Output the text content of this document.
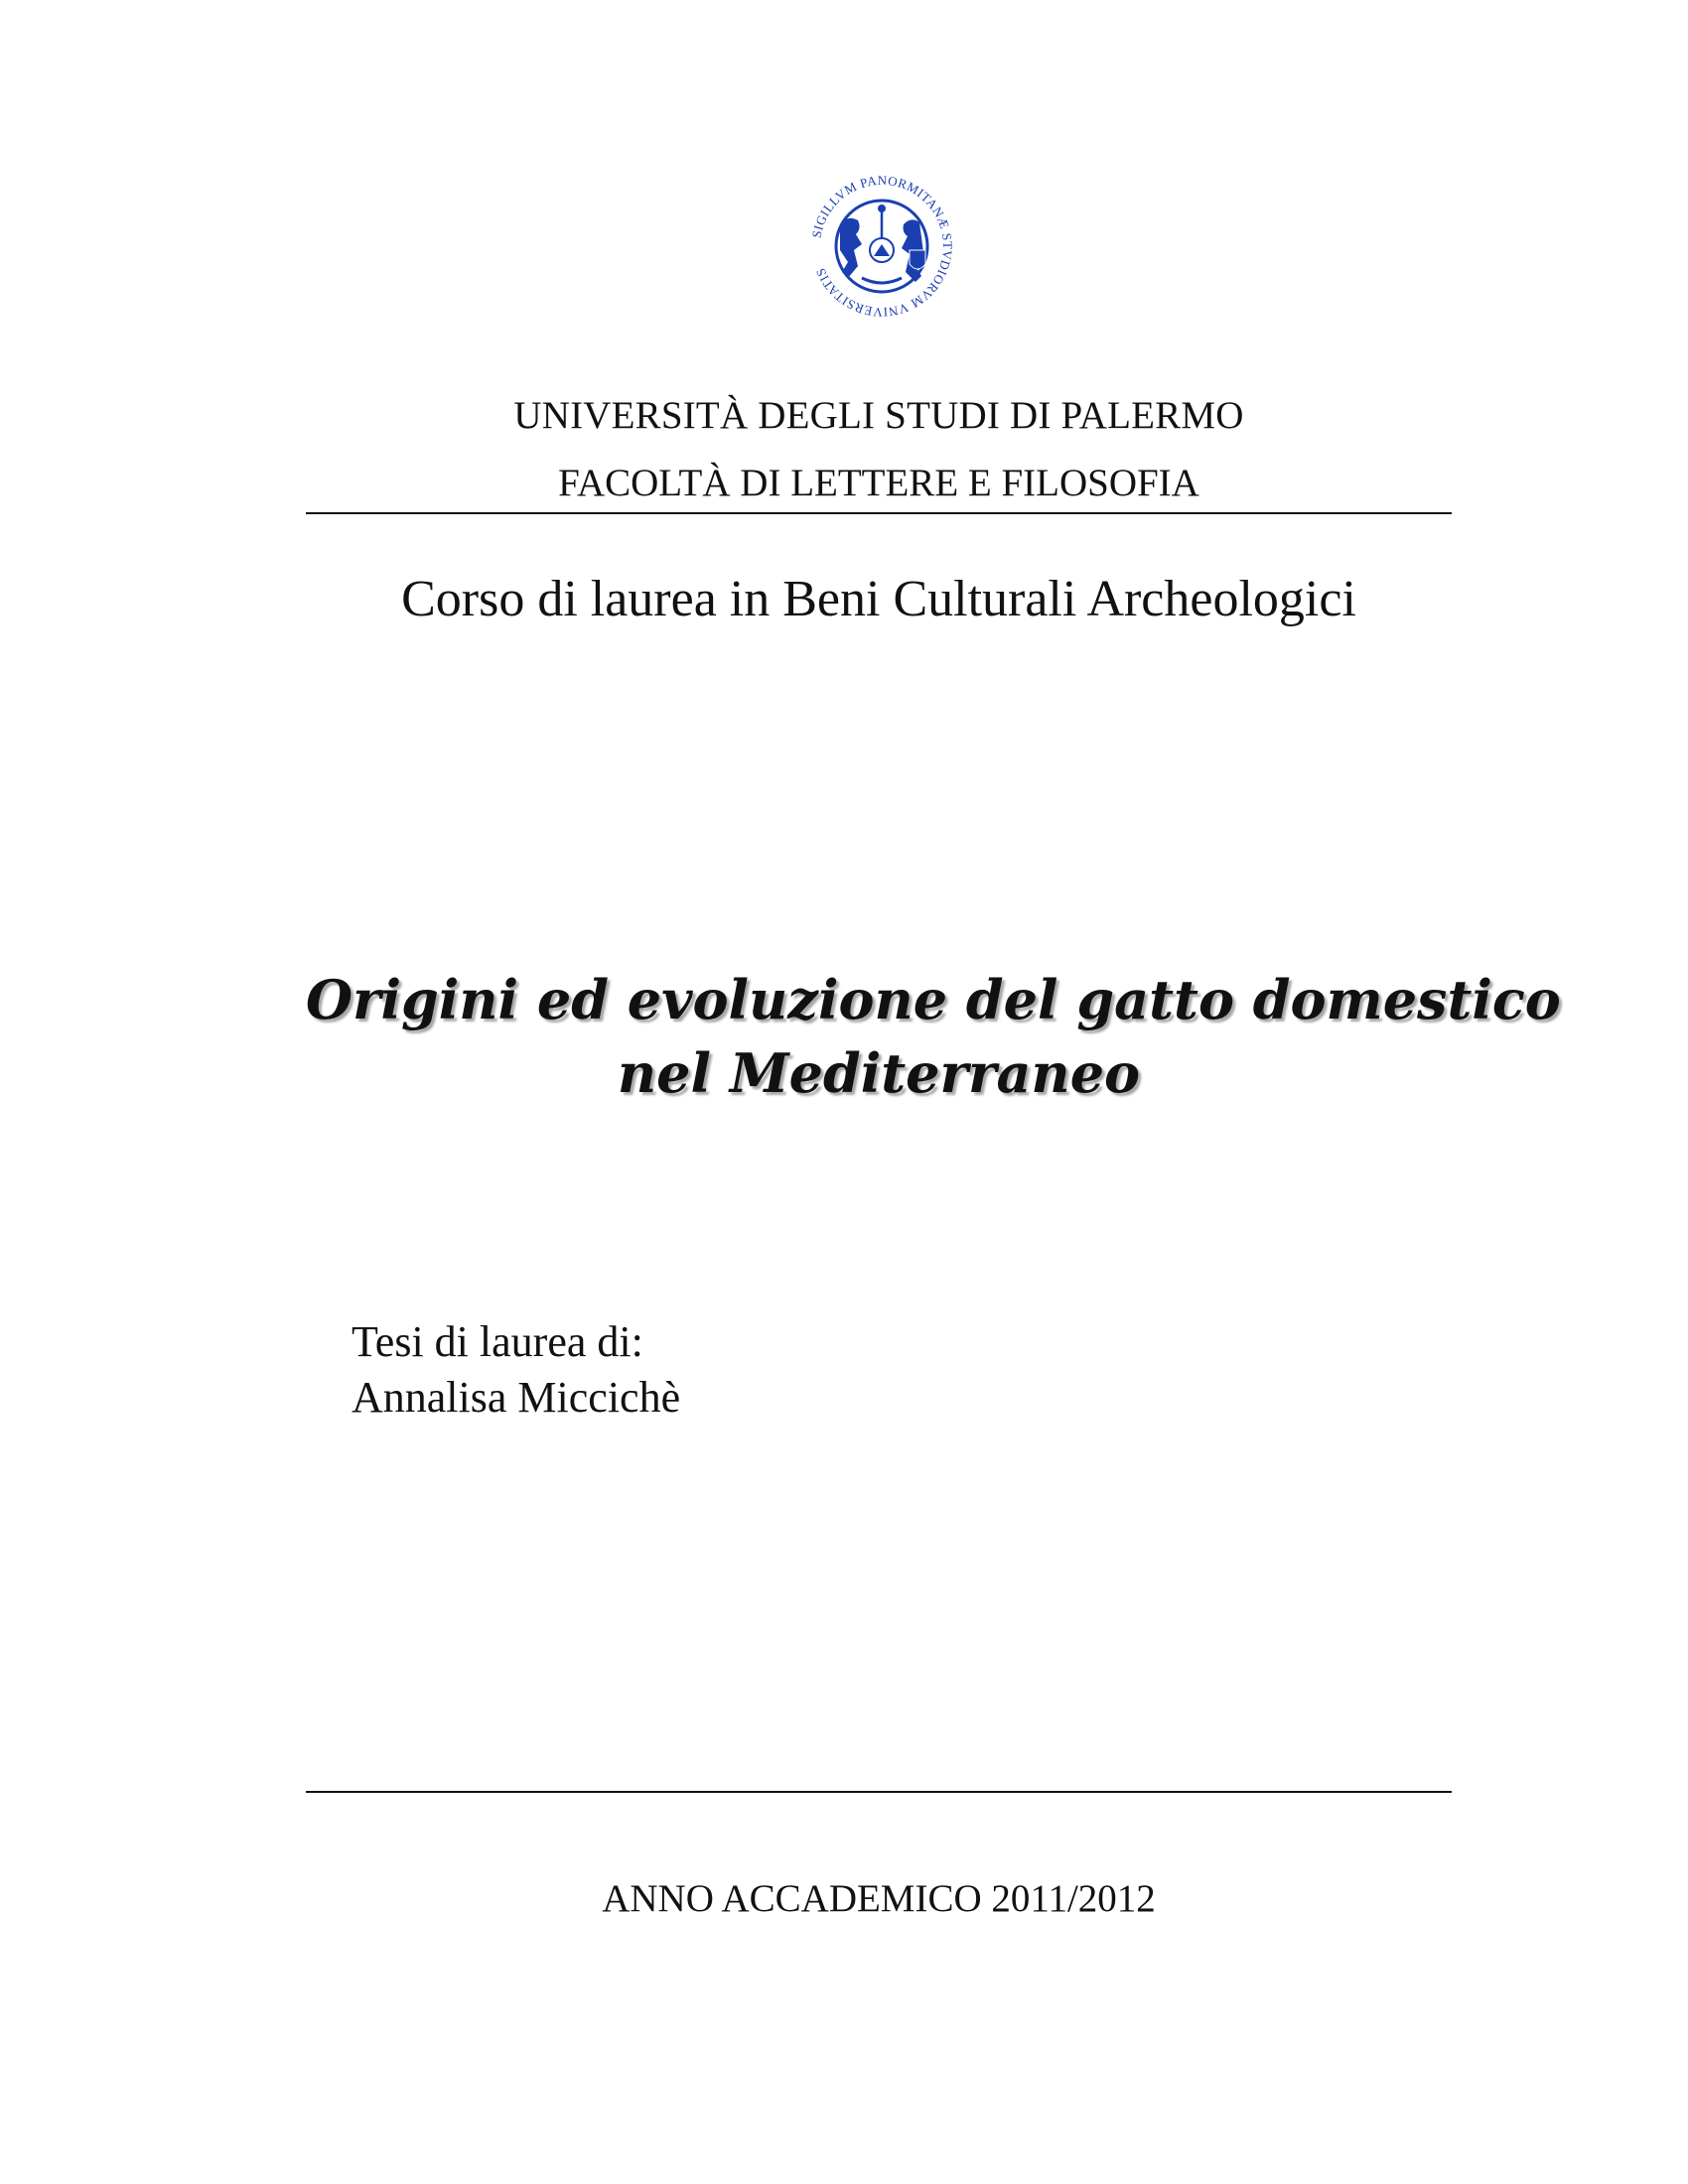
SIGILLVM PANORMITANÆ STVDIORVM VNIVERSITATIS
UNIVERSITÀ DEGLI STUDI DI PALERMO
FACOLTÀ DI LETTERE E FILOSOFIA
Corso di laurea in Beni Culturali Archeologici
Origini ed evoluzione del gatto domestico
nel Mediterraneo
Tesi di laurea di:
Annalisa Miccichè
ANNO ACCADEMICO 2011/2012
